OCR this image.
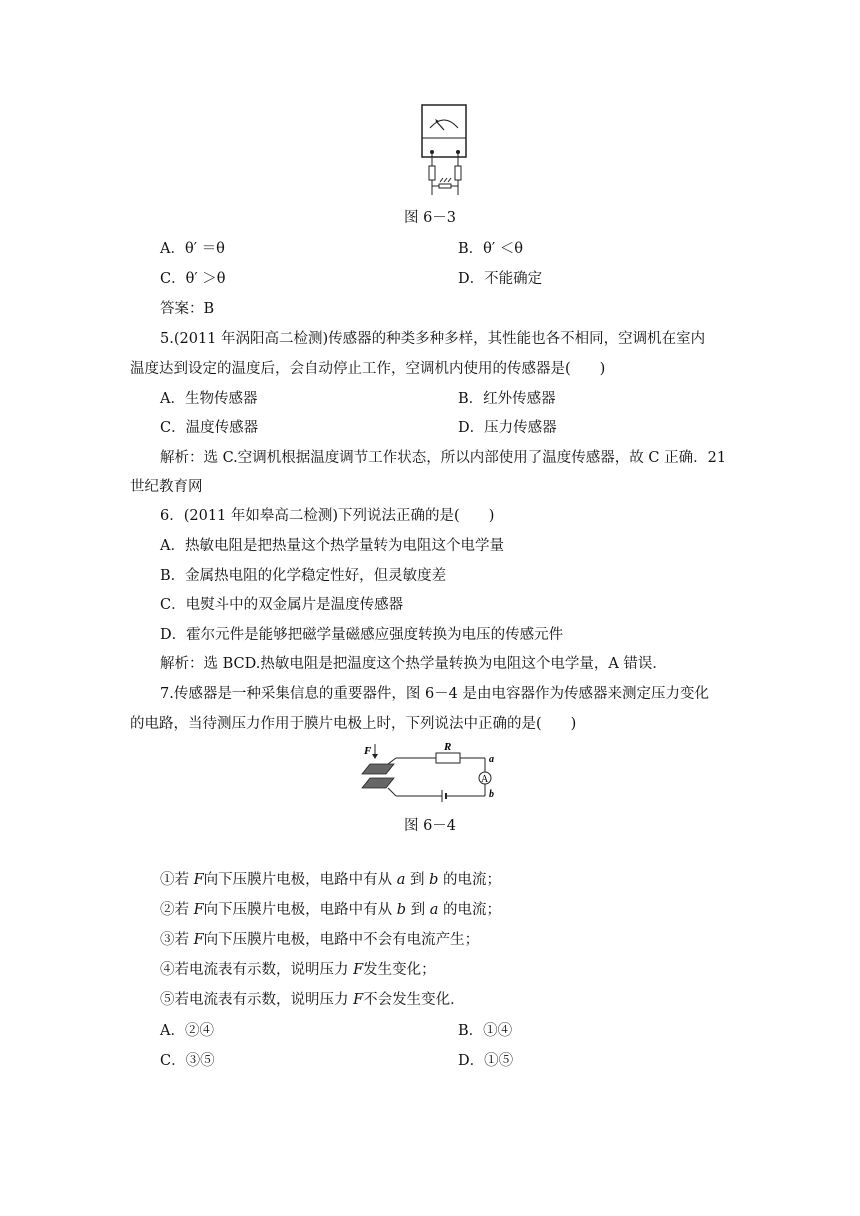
图 6－3
A．θ′ ＝θ	B．θ′ ＜θ
C．θ′ ＞θ	D．不能确定
答案：B
5.(2011 年涡阳高二检测)传感器的种类多种多样，其性能也各不相同，空调机在室内
温度达到设定的温度后，会自动停止工作，空调机内使用的传感器是(　　)
A．生物传感器	B．红外传感器
C．温度传感器	D．压力传感器
解析：选 C.空调机根据温度调节工作状态，所以内部使用了温度传感器，故 C 正确．21
世纪教育网
6．(2011 年如皋高二检测)下列说法正确的是(　　)
A．热敏电阻是把热量这个热学量转为电阻这个电学量
B．金属热电阻的化学稳定性好，但灵敏度差
C．电熨斗中的双金属片是温度传感器
D．霍尔元件是能够把磁学量磁感应强度转换为电压的传感元件
解析：选 BCD.热敏电阻是把温度这个热学量转换为电阻这个电学量，A 错误．
7.传感器是一种采集信息的重要器件，图 6－4 是由电容器作为传感器来测定压力变化
的电路，当待测压力作用于膜片电极上时，下列说法中正确的是(　　)
F	R
A
a
b
图 6－4
①若 F向下压膜片电极，电路中有从 a 到 b 的电流；
②若 F向下压膜片电极，电路中有从 b 到 a 的电流；
③若 F向下压膜片电极，电路中不会有电流产生；
④若电流表有示数，说明压力 F发生变化；
⑤若电流表有示数，说明压力 F不会发生变化．
A．②④	B．①④
C．③⑤	D．①⑤
